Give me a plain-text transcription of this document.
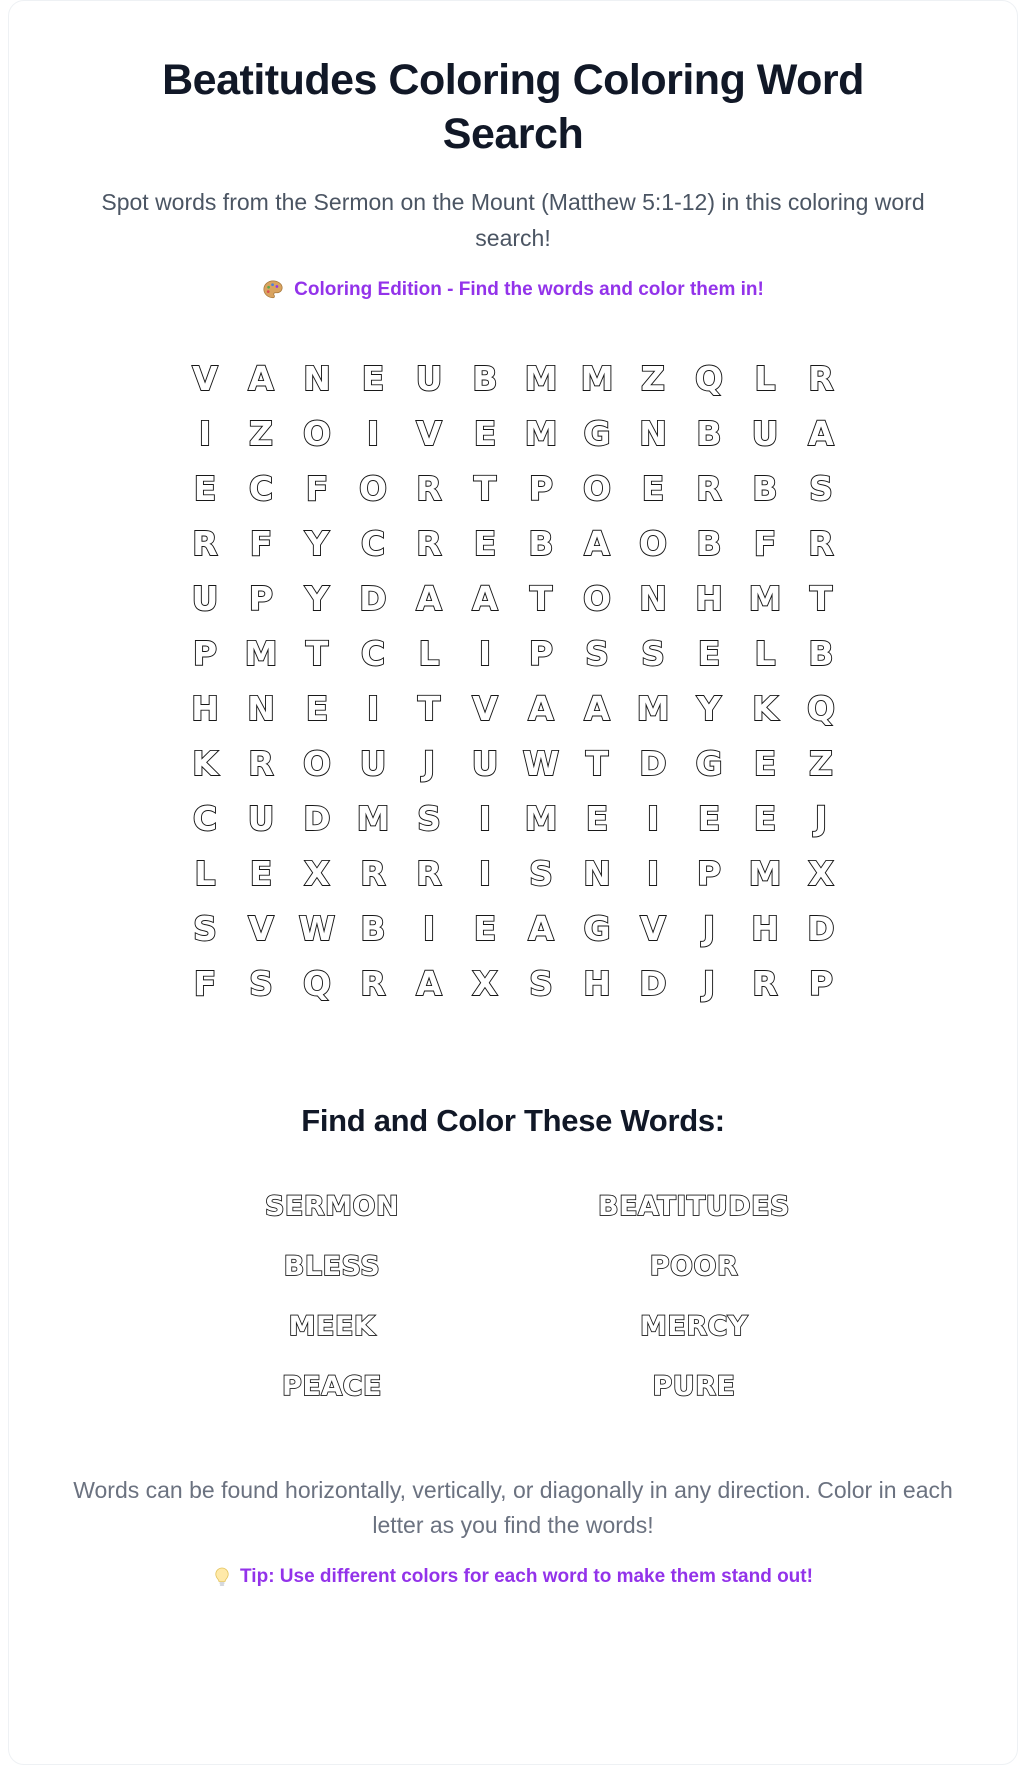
Beatitudes Coloring Coloring Word Search

Spot words from the Sermon on the Mount (Matthew 5:1-12) in this coloring word search!

Coloring Edition - Find the words and color them in!

V A N E U B M M Z Q L R
I	Z O	I	V E M G N B U A
E C F O R T P O E R B S
R F Y C R E B A O B F R
U P Y D A A T O N H M T
P M T C	L	I	P S S E	L B
H N E	I	T V A A M Y K Q
K R O U	J	U W T D G E Z
C U D M S	I	M E	I	E	E	J
L	E X R R	I	S N	I	P M X
S V W B	I	E A G V	J	H D
F S Q R A X S H D	J	R P
Find and Color These Words:
SERMON	BEATITUDES
BLESS	POOR
MEEK	MERCY
PEACE	PURE

Words can be found horizontally, vertically, or diagonally in any direction. Color in each letter as you find the words!

Tip: Use different colors for each word to make them stand out!
